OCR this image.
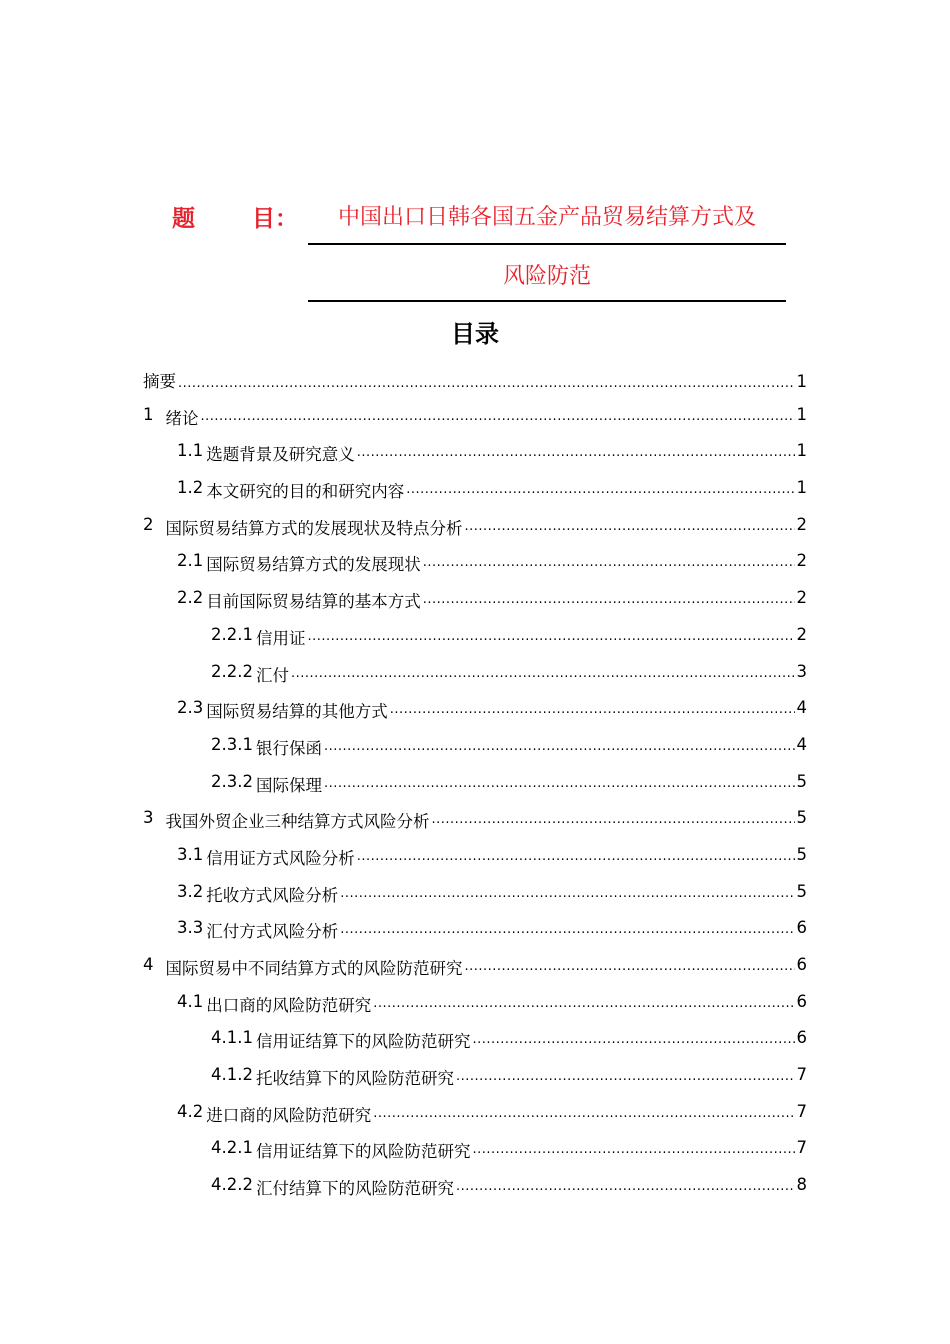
题 目：	中国出口日韩各国五金产品贸易结算方式及
风险防范
目录
摘要 .....	1
1 绪论 .....	1
1.1 选题背景及研究意义 .....	1
1.2 本文研究的目的和研究内容 .....	1
2 国际贸易结算方式的发展现状及特点分析 .....	2
2.1 国际贸易结算方式的发展现状 .....	2
2.2 目前国际贸易结算的基本方式 .....	2
2.2.1 信用证 .....	2
2.2.2 汇付 .....	3
2.3 国际贸易结算的其他方式 .....	4
2.3.1 银行保函 .....	4
2.3.2 国际保理 .....	5
3 我国外贸企业三种结算方式风险分析 .....	5
3.1 信用证方式风险分析 .....	5
3.2 托收方式风险分析 .....	5
3.3 汇付方式风险分析 .....	6
4 国际贸易中不同结算方式的风险防范研究 .....	6
4.1 出口商的风险防范研究 .....	6
4.1.1 信用证结算下的风险防范研究 .....	6
4.1.2 托收结算下的风险防范研究 .....	7
4.2 进口商的风险防范研究 .....	7
4.2.1 信用证结算下的风险防范研究 .....	7
4.2.2 汇付结算下的风险防范研究 .....	8
